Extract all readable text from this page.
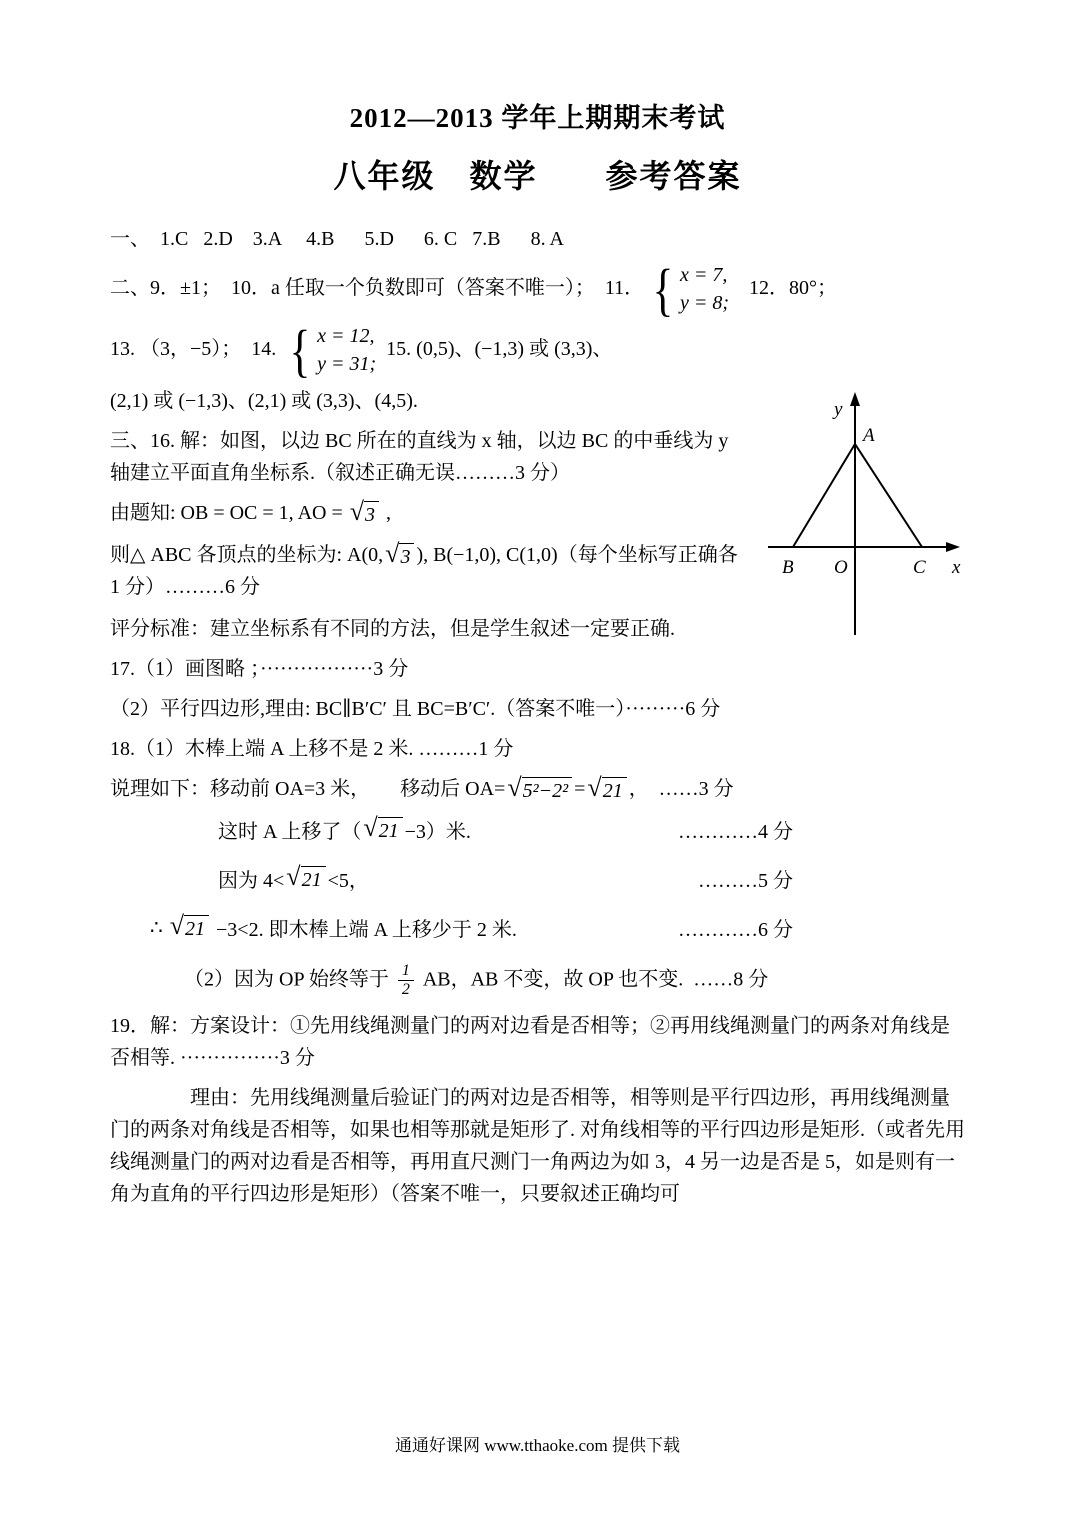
2012—2013 学年上期期末考试
八年级　数学　　参考答案

一、  1.C   2.D    3.A     4.B      5.D      6. C   7.B      8. A

二、9．±1；  10．a 任取一个负数即可（答案不唯一）；  11． { x = 7,
y = 8;
12．80°；

13. （3，−5）；  14. { x = 12,
y = 31;
15. (0,5)、(−1,3) 或 (3,3)、

y
A
B O	C x

(2,1) 或 (−1,3)、(2,1) 或 (3,3)、(4,5).

三、16. 解：如图，以边 BC 所在的直线为 x 轴，以边 BC 的中垂线为 y 轴建立平面直角坐标系.（叙述正确无误………3 分）

由题知: OB = OC = 1, AO = √ 3 ,

则△ ABC 各顶点的坐标为: A(0, √ 3 ), B(−1,0), C(1,0)（每个坐标写正确各 1 分）………6 分

评分标准：建立坐标系有不同的方法，但是学生叙述一定要正确.

17.（1）画图略 ；·················3 分

（2）平行四边形,理由: BC∥B′C′ 且 BC=B′C′.（答案不唯一）·········6 分

18.（1）木棒上端 A 上移不是 2 米. ………1 分

说理如下：移动前 OA=3 米，      移动后 OA= √ 5²−2² = √ 21 ，  ……3 分

这时 A 上移了（ √ 21 −3）米.	…………4 分

因为 4< √ 21 <5，	………5 分

∴ √ 21 −3<2. 即木棒上端 A 上移少于 2 米.	…………6 分

（2）因为 OP 始终等于 $\frac{1}{2}$ AB，AB 不变，故 OP 也不变.  ……8 分

19．解：方案设计：①先用线绳测量门的两对边看是否相等；②再用线绳测量门的两条对角线是否相等. ···············3 分

　　　　理由：先用线绳测量后验证门的两对边是否相等，相等则是平行四边形，再用线绳测量门的两条对角线是否相等，如果也相等那就是矩形了. 对角线相等的平行四边形是矩形.（或者先用线绳测量门的两对边看是否相等，再用直尺测门一角两边为如 3，4 另一边是否是 5，如是则有一角为直角的平行四边形是矩形）（答案不唯一，只要叙述正确均可

通通好课网 www.tthaoke.com 提供下载
